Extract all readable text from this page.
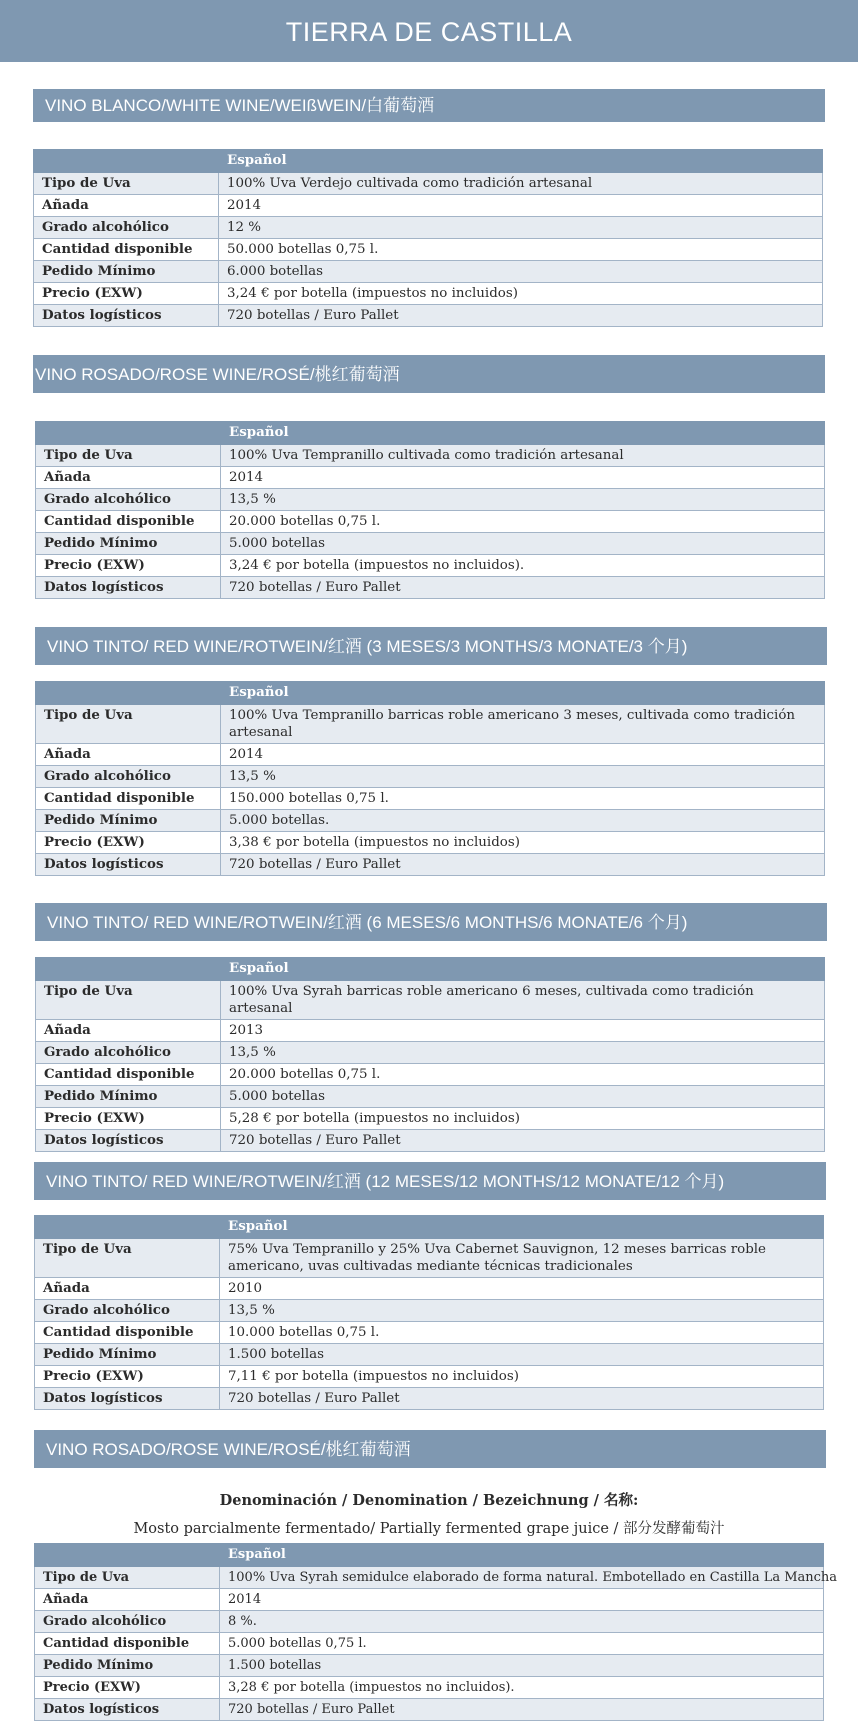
TIERRA DE CASTILLA
VINO BLANCO/WHITE WINE/WEIßWEIN/白葡萄酒
	Español
Tipo de Uva	100% Uva Verdejo cultivada como tradición artesanal
Añada	2014
Grado alcohólico	12 %
Cantidad disponible	50.000 botellas 0,75 l.
Pedido Mínimo	6.000 botellas
Precio (EXW)	3,24 € por botella (impuestos no incluidos)
Datos logísticos	720 botellas / Euro Pallet
VINO ROSADO/ROSE WINE/ROSÉ/桃红葡萄酒
	Español
Tipo de Uva	100% Uva Tempranillo cultivada como tradición artesanal
Añada	2014
Grado alcohólico	13,5 %
Cantidad disponible	20.000 botellas 0,75 l.
Pedido Mínimo	5.000 botellas
Precio (EXW)	3,24 € por botella (impuestos no incluidos).
Datos logísticos	720 botellas / Euro Pallet
VINO TINTO/ RED WINE/ROTWEIN/红酒 (3 MESES/3 MONTHS/3 MONATE/3 个月)
	Español
Tipo de Uva	100% Uva Tempranillo barricas roble americano 3 meses, cultivada como tradición artesanal
Añada	2014
Grado alcohólico	13,5 %
Cantidad disponible	150.000 botellas 0,75 l.
Pedido Mínimo	5.000 botellas.
Precio (EXW)	3,38 € por botella (impuestos no incluidos)
Datos logísticos	720 botellas / Euro Pallet
VINO TINTO/ RED WINE/ROTWEIN/红酒 (6 MESES/6 MONTHS/6 MONATE/6 个月)
	Español
Tipo de Uva	100% Uva Syrah barricas roble americano 6 meses, cultivada como tradición artesanal
Añada	2013
Grado alcohólico	13,5 %
Cantidad disponible	20.000 botellas 0,75 l.
Pedido Mínimo	5.000 botellas
Precio (EXW)	5,28 € por botella (impuestos no incluidos)
Datos logísticos	720 botellas / Euro Pallet
VINO TINTO/ RED WINE/ROTWEIN/红酒 (12 MESES/12 MONTHS/12 MONATE/12 个月)
	Español
Tipo de Uva	75% Uva Tempranillo y 25% Uva Cabernet Sauvignon, 12 meses barricas roble americano, uvas cultivadas mediante técnicas tradicionales
Añada	2010
Grado alcohólico	13,5 %
Cantidad disponible	10.000 botellas 0,75 l.
Pedido Mínimo	1.500 botellas
Precio (EXW)	7,11 € por botella (impuestos no incluidos)
Datos logísticos	720 botellas / Euro Pallet
VINO ROSADO/ROSE WINE/ROSÉ/桃红葡萄酒
Denominación / Denomination / Bezeichnung / 名称:
Mosto parcialmente fermentado/ Partially fermented grape juice / 部分发酵葡萄汁
	Español
Tipo de Uva	100% Uva Syrah semidulce elaborado de forma natural. Embotellado en Castilla La Mancha
Añada	2014
Grado alcohólico	8 %.
Cantidad disponible	5.000 botellas 0,75 l.
Pedido Mínimo	1.500 botellas
Precio (EXW)	3,28 € por botella (impuestos no incluidos).
Datos logísticos	720 botellas / Euro Pallet
